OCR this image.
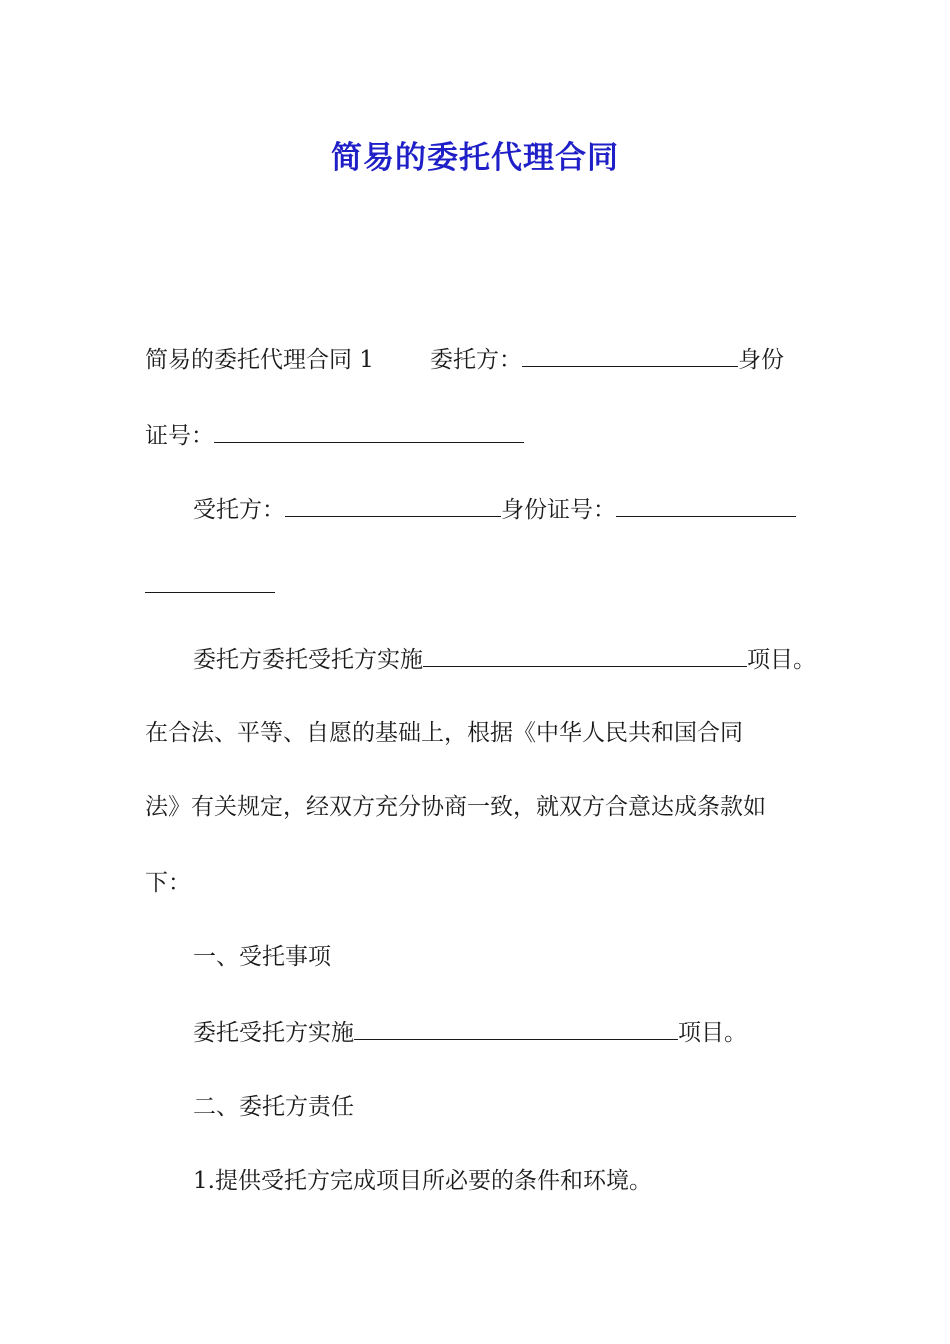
简易的委托代理合同
简易的委托代理合同 1 委托方：	身份
证号：
受托方：	身份证号：
委托方委托受托方实施	项目。
在合法、平等、自愿的基础上，根据《中华人民共和国合同
法》有关规定，经双方充分协商一致，就双方合意达成条款如
下：
一、受托事项
委托受托方实施	项目。
二、委托方责任
1.提供受托方完成项目所必要的条件和环境。
